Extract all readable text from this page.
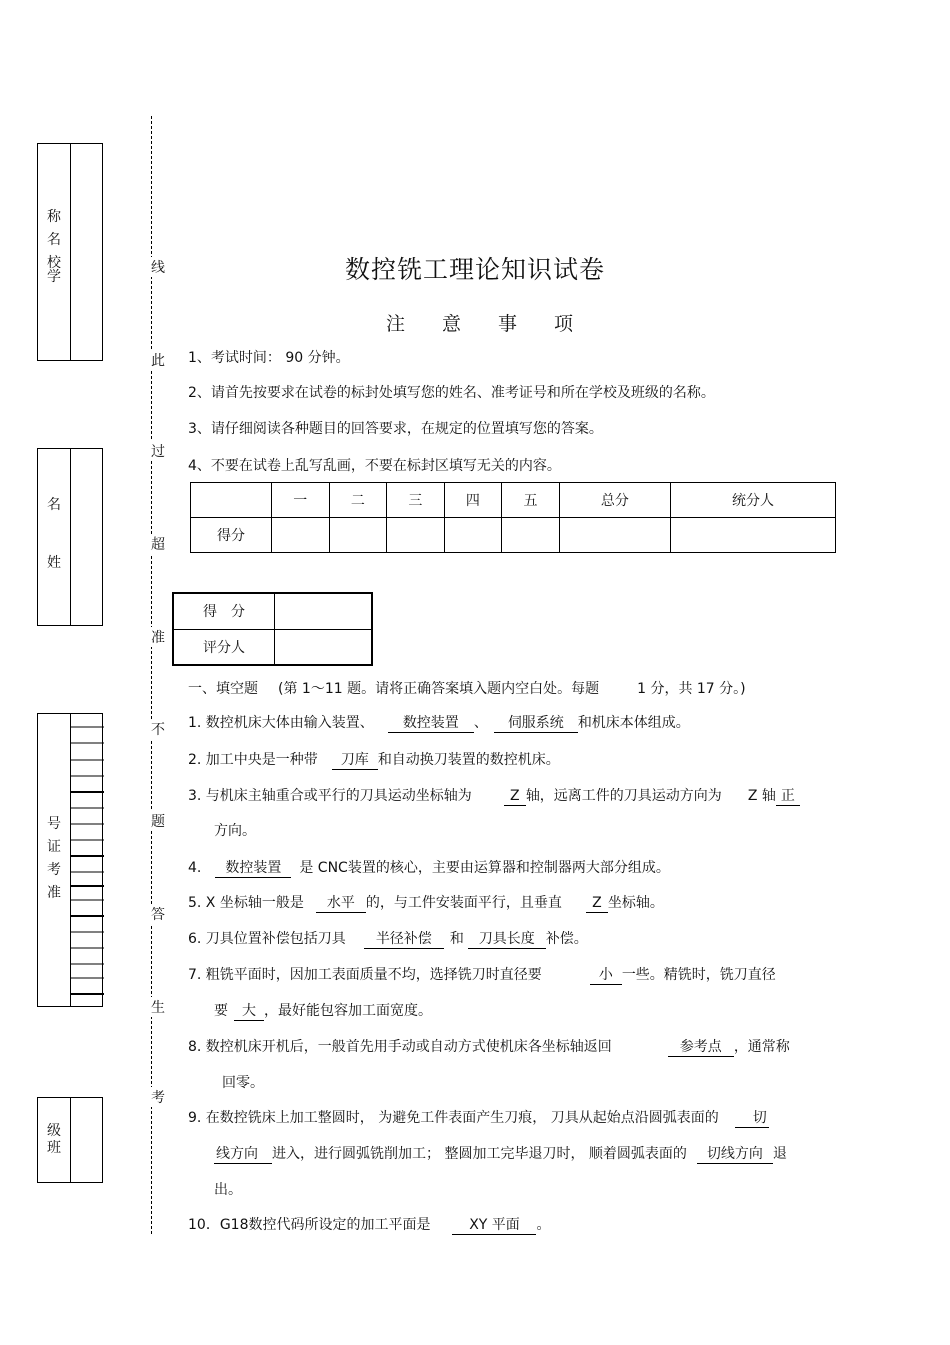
称
名
校学
名
姓
号
证
考
准
级
班
线
此
过
超
准
不
题
答
生
考
数控铣工理论知识试卷
注 意 事 项
1、考试时间： 90 分钟。
2、请首先按要求在试卷的标封处填写您的姓名、准考证号和所在学校及班级的名称。
3、请仔细阅读各种题目的回答要求，在规定的位置填写您的答案。
4、不要在试卷上乱写乱画，不要在标封区填写无关的内容。
	一	二	三	四	五	总分	统分人
得分							
得　分	
评分人	
一、填空题 (第 1～11 题。请将正确答案填入题内空白处。每题	1 分，共 17 分。)
1. 数控机床大体由输入装置、 数控装置 、 伺服系统 和机床本体组成。
2. 加工中央是一种带 刀库 和自动换刀装置的数控机床。
3. 与机床主轴重合或平行的刀具运动坐标轴为	Z 轴，远离工件的刀具运动方向为 Z 轴 正
方向。
4. 数控装置 是 CNC装置的核心，主要由运算器和控制器两大部分组成。
5. X 坐标轴一般是 水平 的，与工件安装面平行，且垂直 Z 坐标轴。
6. 刀具位置补偿包括刀具 半径补偿 和 刀具长度 补偿。
7. 粗铣平面时，因加工表面质量不均，选择铣刀时直径要	小 一些。精铣时，铣刀直径
要 大 ，最好能包容加工面宽度。
8. 数控机床开机后，一般首先用手动或自动方式使机床各坐标轴返回	参考点 ，通常称
回零。
9. 在数控铣床上加工整圆时， 为避免工件表面产生刀痕， 刀具从起始点沿圆弧表面的 切
线方向 进入，进行圆弧铣削加工； 整圆加工完毕退刀时， 顺着圆弧表面的 切线方向 退
出。
10．G18数控代码所设定的加工平面是	XY 平面 。
